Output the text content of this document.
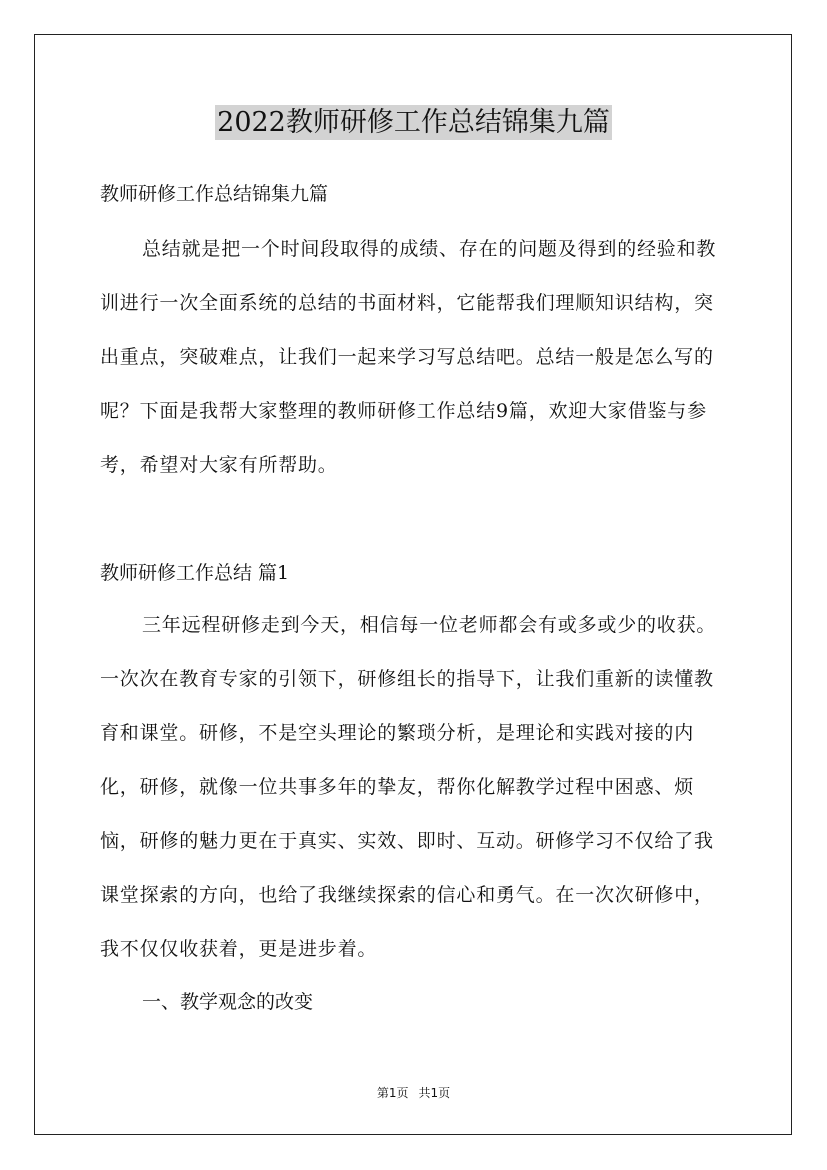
2022教师研修工作总结锦集九篇
教师研修工作总结锦集九篇
总结就是把一个时间段取得的成绩、存在的问题及得到的经验和教训进行一次全面系统的总结的书面材料，它能帮我们理顺知识结构，突出重点，突破难点，让我们一起来学习写总结吧。总结一般是怎么写的呢？下面是我帮大家整理的教师研修工作总结9篇，欢迎大家借鉴与参考，希望对大家有所帮助。
教师研修工作总结 篇1
三年远程研修走到今天，相信每一位老师都会有或多或少的收获。一次次在教育专家的引领下，研修组长的指导下，让我们重新的读懂教育和课堂。研修，不是空头理论的繁琐分析，是理论和实践对接的内化，研修，就像一位共事多年的挚友，帮你化解教学过程中困惑、烦恼，研修的魅力更在于真实、实效、即时、互动。研修学习不仅给了我课堂探索的方向，也给了我继续探索的信心和勇气。在一次次研修中，我不仅仅收获着，更是进步着。
一、教学观念的改变
第1页 共1页
